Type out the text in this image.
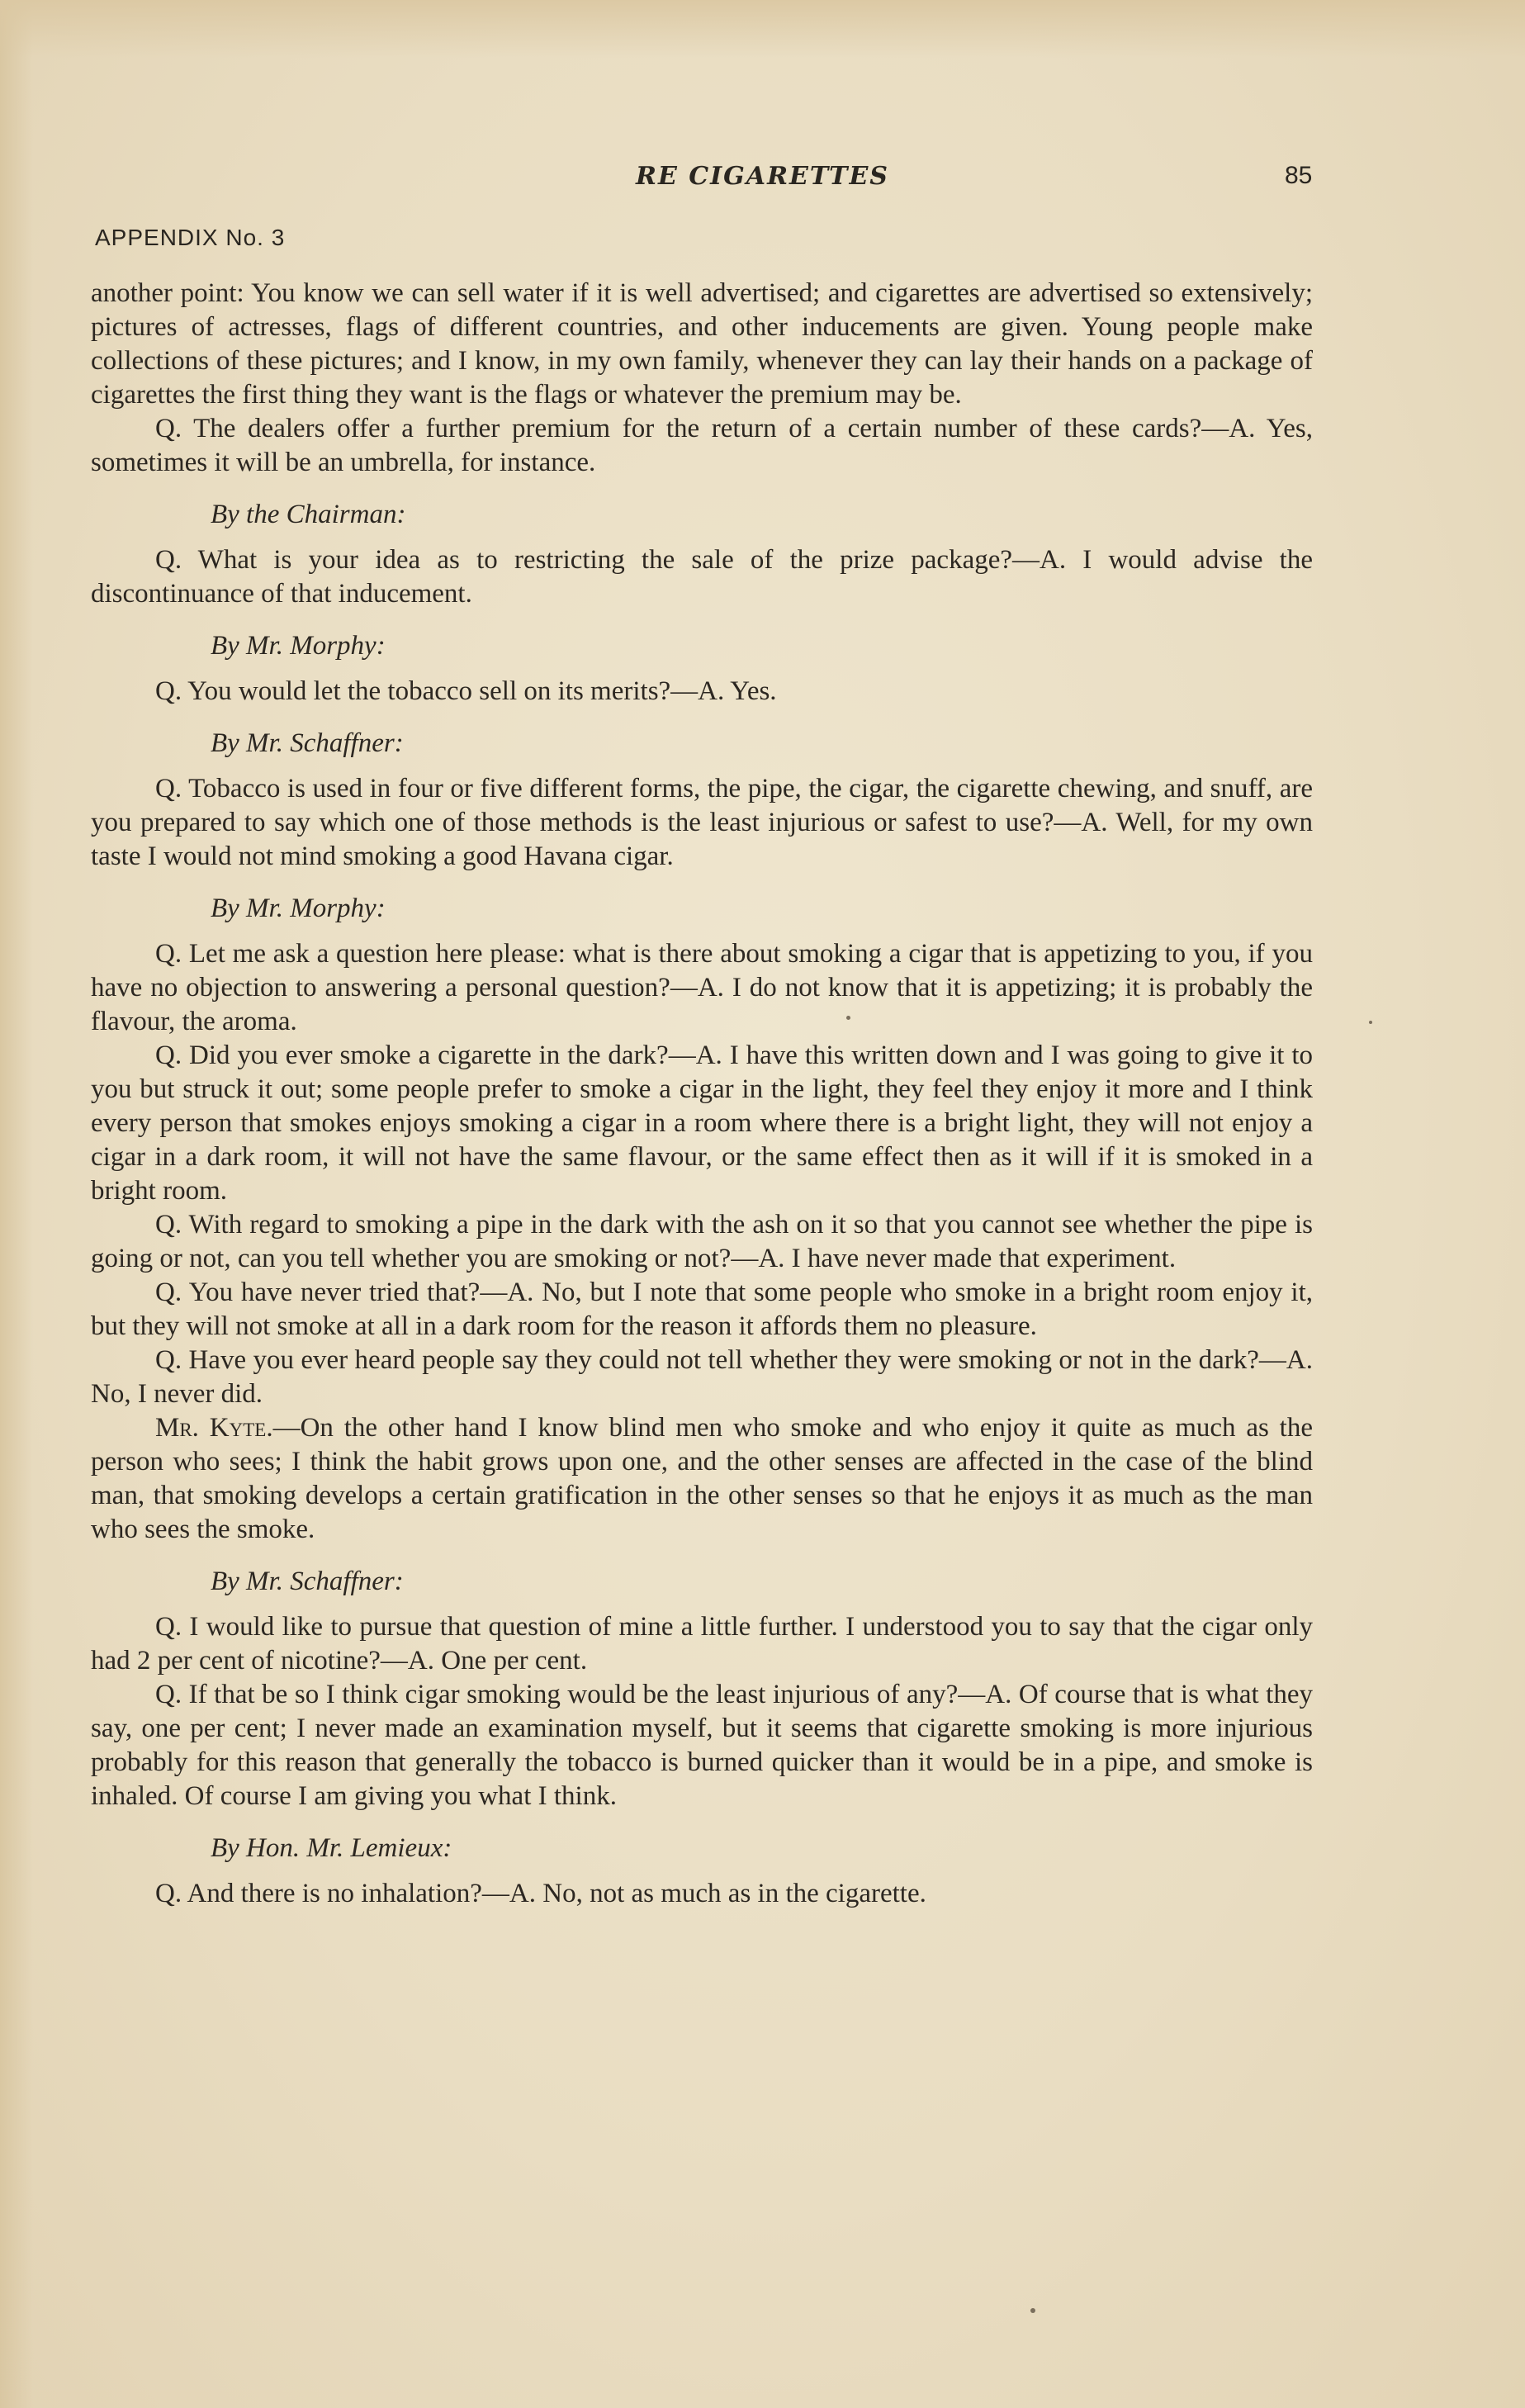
RE CIGARETTES	85
APPENDIX No. 3

another point: You know we can sell water if it is well advertised; and cigarettes are advertised so extensively; pictures of actresses, flags of different countries, and other inducements are given. Young people make collections of these pictures; and I know, in my own family, whenever they can lay their hands on a package of cigarettes the first thing they want is the flags or whatever the premium may be.

Q. The dealers offer a further premium for the return of a certain number of these cards?—A. Yes, sometimes it will be an umbrella, for instance.

By the Chairman:

Q. What is your idea as to restricting the sale of the prize package?—A. I would advise the discontinuance of that inducement.

By Mr. Morphy:

Q. You would let the tobacco sell on its merits?—A. Yes.

By Mr. Schaffner:

Q. Tobacco is used in four or five different forms, the pipe, the cigar, the cigarette chewing, and snuff, are you prepared to say which one of those methods is the least injurious or safest to use?—A. Well, for my own taste I would not mind smoking a good Havana cigar.

By Mr. Morphy:

Q. Let me ask a question here please: what is there about smoking a cigar that is appetizing to you, if you have no objection to answering a personal question?—A. I do not know that it is appetizing; it is probably the flavour, the aroma.

Q. Did you ever smoke a cigarette in the dark?—A. I have this written down and I was going to give it to you but struck it out; some people prefer to smoke a cigar in the light, they feel they enjoy it more and I think every person that smokes enjoys smoking a cigar in a room where there is a bright light, they will not enjoy a cigar in a dark room, it will not have the same flavour, or the same effect then as it will if it is smoked in a bright room.

Q. With regard to smoking a pipe in the dark with the ash on it so that you cannot see whether the pipe is going or not, can you tell whether you are smoking or not?—A. I have never made that experiment.

Q. You have never tried that?—A. No, but I note that some people who smoke in a bright room enjoy it, but they will not smoke at all in a dark room for the reason it affords them no pleasure.

Q. Have you ever heard people say they could not tell whether they were smoking or not in the dark?—A. No, I never did.

Mr. Kyte.—On the other hand I know blind men who smoke and who enjoy it quite as much as the person who sees; I think the habit grows upon one, and the other senses are affected in the case of the blind man, that smoking develops a certain gratification in the other senses so that he enjoys it as much as the man who sees the smoke.

By Mr. Schaffner:

Q. I would like to pursue that question of mine a little further. I understood you to say that the cigar only had 2 per cent of nicotine?—A. One per cent.

Q. If that be so I think cigar smoking would be the least injurious of any?—A. Of course that is what they say, one per cent; I never made an examination myself, but it seems that cigarette smoking is more injurious probably for this reason that generally the tobacco is burned quicker than it would be in a pipe, and smoke is inhaled. Of course I am giving you what I think.

By Hon. Mr. Lemieux:

Q. And there is no inhalation?—A. No, not as much as in the cigarette.
